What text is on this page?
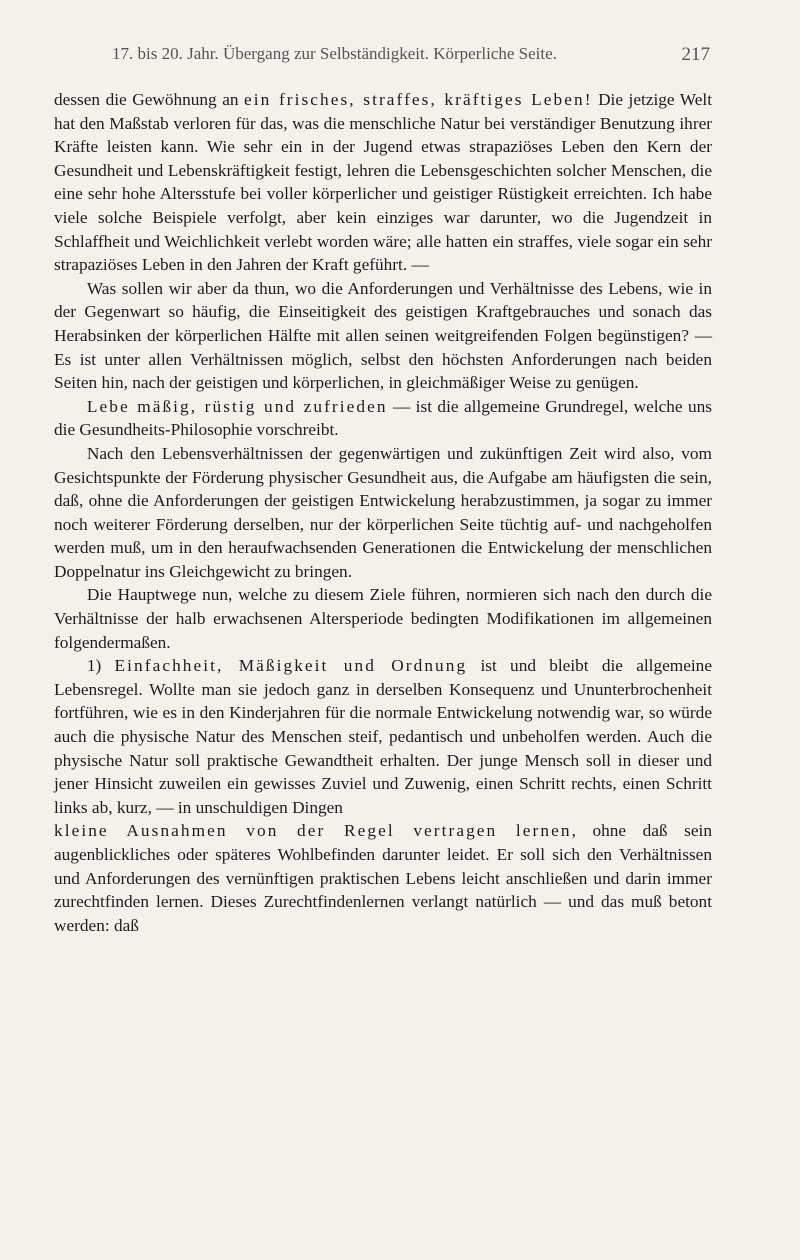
17. bis 20. Jahr. Übergang zur Selbständigkeit. Körperliche Seite.	217

dessen die Gewöhnung an ein frisches, straffes, kräftiges Leben! Die jetzige Welt hat den Maßstab verloren für das, was die menschliche Natur bei verständiger Benutzung ihrer Kräfte leisten kann. Wie sehr ein in der Jugend etwas strapaziöses Leben den Kern der Gesundheit und Lebenskräftigkeit festigt, lehren die Lebensgeschichten solcher Menschen, die eine sehr hohe Altersstufe bei voller körperlicher und geistiger Rüstigkeit erreichten. Ich habe viele solche Beispiele verfolgt, aber kein einziges war darunter, wo die Jugendzeit in Schlaffheit und Weichlichkeit verlebt worden wäre; alle hatten ein straffes, viele sogar ein sehr strapaziöses Leben in den Jahren der Kraft geführt. —

Was sollen wir aber da thun, wo die Anforderungen und Verhältnisse des Lebens, wie in der Gegenwart so häufig, die Einseitigkeit des geistigen Kraftgebrauches und sonach das Herabsinken der körperlichen Hälfte mit allen seinen weitgreifenden Folgen begünstigen? — Es ist unter allen Verhältnissen möglich, selbst den höchsten Anforderungen nach beiden Seiten hin, nach der geistigen und körperlichen, in gleichmäßiger Weise zu genügen.

Lebe mäßig, rüstig und zufrieden — ist die allgemeine Grundregel, welche uns die Gesundheits-Philosophie vorschreibt.

Nach den Lebensverhältnissen der gegenwärtigen und zukünftigen Zeit wird also, vom Gesichtspunkte der Förderung physischer Gesundheit aus, die Aufgabe am häufigsten die sein, daß, ohne die Anforderungen der geistigen Entwickelung herabzustimmen, ja sogar zu immer noch weiterer Förderung derselben, nur der körperlichen Seite tüchtig auf- und nachgeholfen werden muß, um in den heraufwachsenden Generationen die Entwickelung der menschlichen Doppelnatur ins Gleichgewicht zu bringen.

Die Hauptwege nun, welche zu diesem Ziele führen, normieren sich nach den durch die Verhältnisse der halb erwachsenen Altersperiode bedingten Modifikationen im allgemeinen folgendermaßen.

1) Einfachheit, Mäßigkeit und Ordnung ist und bleibt die allgemeine Lebensregel. Wollte man sie jedoch ganz in derselben Konsequenz und Ununterbrochenheit fortführen, wie es in den Kinderjahren für die normale Entwickelung notwendig war, so würde auch die physische Natur des Menschen steif, pedantisch und unbeholfen werden. Auch die physische Natur soll praktische Gewandtheit erhalten. Der junge Mensch soll in dieser und jener Hinsicht zuweilen ein gewisses Zuviel und Zuwenig, einen Schritt rechts, einen Schritt links ab, kurz, — in unschuldigen Dingen

kleine Ausnahmen von der Regel vertragen lernen, ohne daß sein augenblickliches oder späteres Wohlbefinden darunter leidet. Er soll sich den Verhältnissen und Anforderungen des vernünftigen praktischen Lebens leicht anschließen und darin immer zurechtfinden lernen. Dieses Zurechtfindenlernen verlangt natürlich — und das muß betont werden: daß
